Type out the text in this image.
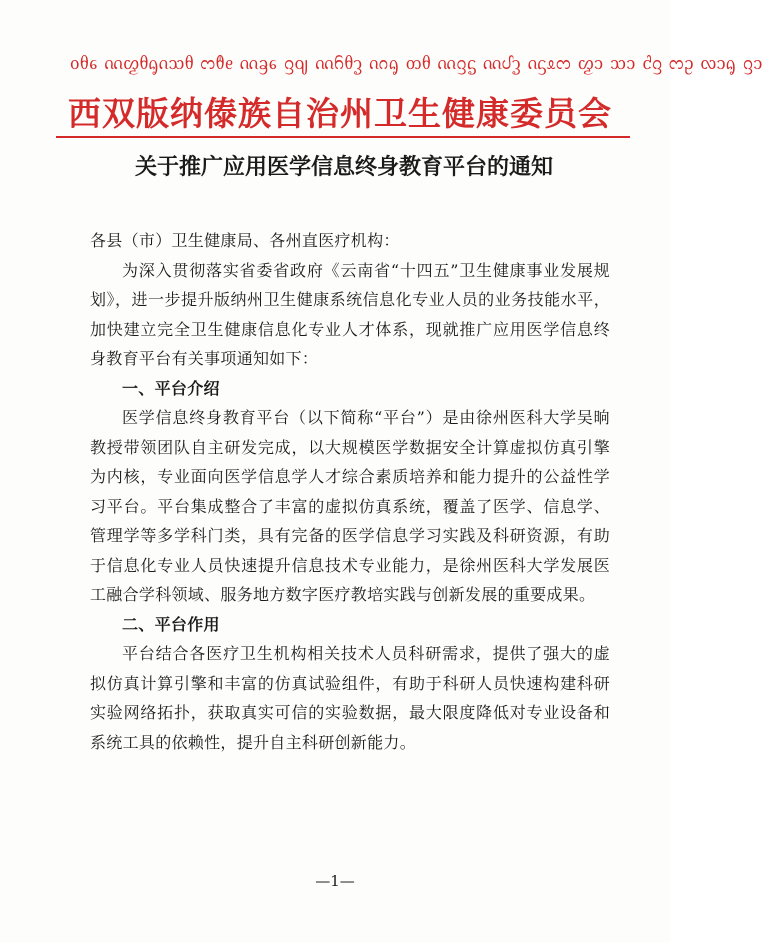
ᦞᦲᧈ ᦶᦖᦲᧂᦵᦉᦲ ᦂᦹᧉ ᦶᦃᧈ ᦋᦽ ᦶᦆᦲᧆ ᦵᦅᧂ ᦎᦲ ᦶᦋᧃ ᦶᦔᧆ ᦵᦓᦸᦂ ᦖᦱ ᦉᦱ ᦺᦋ ᦂᦳ ᦟᦱᧂ ᦋᦱ
西双版纳傣族自治州卫生健康委员会
关于推广应用医学信息终身教育平台的通知

各县（市）卫生健康局、各州直医疗机构：

为深入贯彻落实省委省政府《云南省“十四五”卫生健康事业发展规划》，进一步提升版纳州卫生健康系统信息化专业人员的业务技能水平，加快建立完全卫生健康信息化专业人才体系，现就推广应用医学信息终身教育平台有关事项通知如下：

一、平台介绍

医学信息终身教育平台（以下简称“平台”）是由徐州医科大学吴晌教授带领团队自主研发完成，以大规模医学数据安全计算虚拟仿真引擎为内核，专业面向医学信息学人才综合素质培养和能力提升的公益性学习平台。平台集成整合了丰富的虚拟仿真系统，覆盖了医学、信息学、管理学等多学科门类，具有完备的医学信息学习实践及科研资源，有助于信息化专业人员快速提升信息技术专业能力，是徐州医科大学发展医工融合学科领域、服务地方数字医疗教培实践与创新发展的重要成果。

二、平台作用

平台结合各医疗卫生机构相关技术人员科研需求，提供了强大的虚拟仿真计算引擎和丰富的仿真试验组件，有助于科研人员快速构建科研实验网络拓扑，获取真实可信的实验数据，最大限度降低对专业设备和系统工具的依赖性，提升自主科研创新能力。

—1—
